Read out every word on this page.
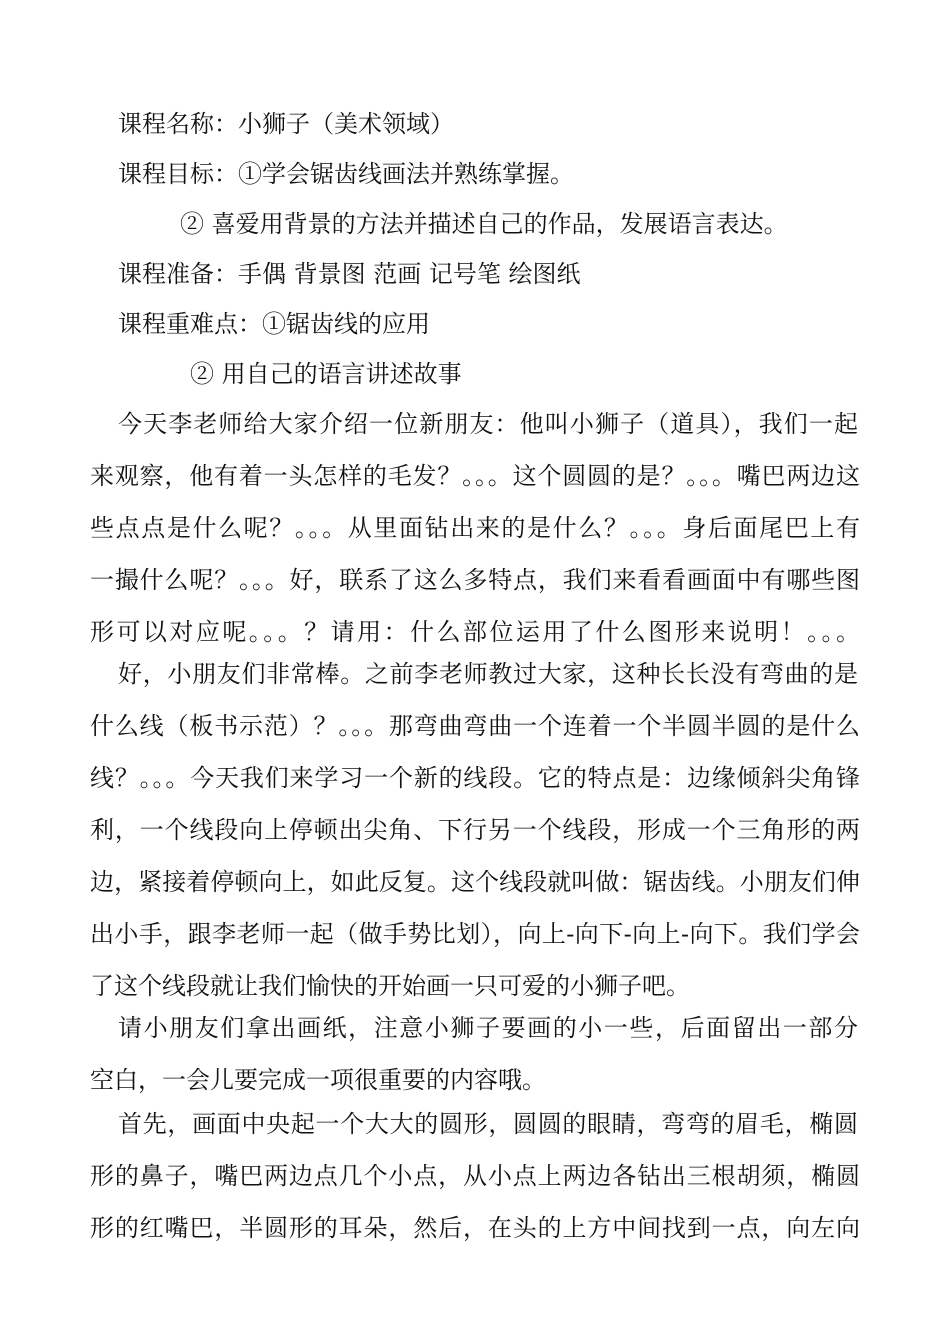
课程名称：小狮子（美术领域）
课程目标：①学会锯齿线画法并熟练掌握。
② 喜爱用背景的方法并描述自己的作品，发展语言表达。
课程准备：手偶 背景图 范画 记号笔 绘图纸
课程重难点：①锯齿线的应用
② 用自己的语言讲述故事
今天李老师给大家介绍一位新朋友：他叫小狮子（道具），我们一起
来观察，他有着一头怎样的毛发？。。。这个圆圆的是？。。。嘴巴两边这
些点点是什么呢？。。。从里面钻出来的是什么？。。。身后面尾巴上有
一撮什么呢？。。。好，联系了这么多特点，我们来看看画面中有哪些图
形可以对应呢。。。？请用：什么部位运用了什么图形来说明！。。。
好，小朋友们非常棒。之前李老师教过大家，这种长长没有弯曲的是
什么线（板书示范）？。。。那弯曲弯曲一个连着一个半圆半圆的是什么
线？。。。今天我们来学习一个新的线段。它的特点是：边缘倾斜尖角锋
利，一个线段向上停顿出尖角、下行另一个线段，形成一个三角形的两
边，紧接着停顿向上，如此反复。这个线段就叫做：锯齿线。小朋友们伸
出小手，跟李老师一起（做手势比划），向上-向下-向上-向下。我们学会
了这个线段就让我们愉快的开始画一只可爱的小狮子吧。
请小朋友们拿出画纸，注意小狮子要画的小一些，后面留出一部分
空白，一会儿要完成一项很重要的内容哦。
首先，画面中央起一个大大的圆形，圆圆的眼睛，弯弯的眉毛，椭圆
形的鼻子，嘴巴两边点几个小点，从小点上两边各钻出三根胡须，椭圆
形的红嘴巴，半圆形的耳朵，然后，在头的上方中间找到一点，向左向
